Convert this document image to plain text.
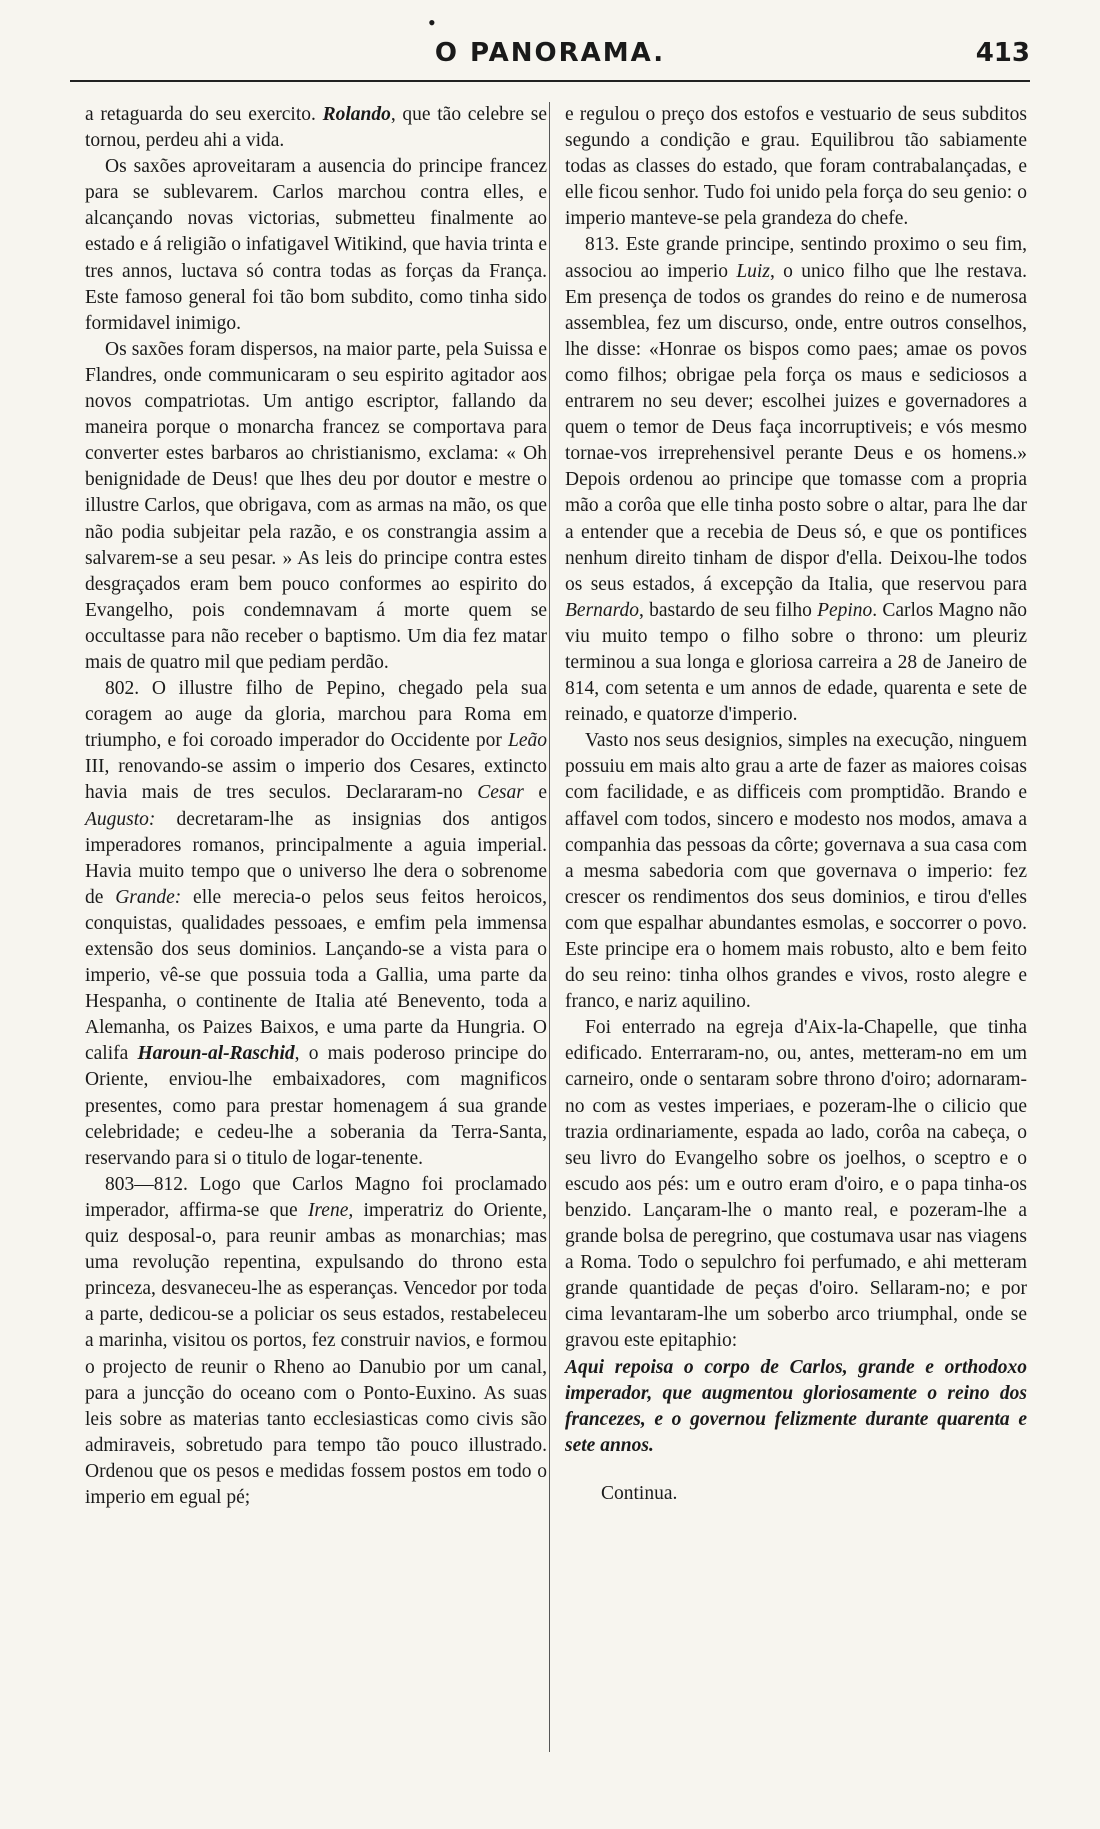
•
O PANORAMA.	413

a retaguarda do seu exercito. Rolando, que tão celebre se tornou, perdeu ahi a vida.

Os saxões aproveitaram a ausencia do principe francez para se sublevarem. Carlos marchou contra elles, e alcançando novas victorias, submetteu finalmente ao estado e á religião o infatigavel Witikind, que havia trinta e tres annos, luctava só contra todas as forças da França. Este famoso general foi tão bom subdito, como tinha sido formidavel inimigo.

Os saxões foram dispersos, na maior parte, pela Suissa e Flandres, onde communicaram o seu espirito agitador aos novos compatriotas. Um antigo escriptor, fallando da maneira porque o monarcha francez se comportava para converter estes barbaros ao christianismo, exclama: « Oh benignidade de Deus! que lhes deu por doutor e mestre o illustre Carlos, que obrigava, com as armas na mão, os que não podia subjeitar pela razão, e os constrangia assim a salvarem-se a seu pesar. » As leis do principe contra estes desgraçados eram bem pouco conformes ao espirito do Evangelho, pois condemnavam á morte quem se occultasse para não receber o baptismo. Um dia fez matar mais de quatro mil que pediam perdão.

802. O illustre filho de Pepino, chegado pela sua coragem ao auge da gloria, marchou para Roma em triumpho, e foi coroado imperador do Occidente por Leão III, renovando-se assim o imperio dos Cesares, extincto havia mais de tres seculos. Declararam-no Cesar e Augusto: decretaram-lhe as insignias dos antigos imperadores romanos, principalmente a aguia imperial. Havia muito tempo que o universo lhe dera o sobrenome de Grande: elle merecia-o pelos seus feitos heroicos, conquistas, qualidades pessoaes, e emfim pela immensa extensão dos seus dominios. Lançando-se a vista para o imperio, vê-se que possuia toda a Gallia, uma parte da Hespanha, o continente de Italia até Benevento, toda a Alemanha, os Paizes Baixos, e uma parte da Hungria. O califa Haroun-al-Raschid, o mais poderoso principe do Oriente, enviou-lhe embaixadores, com magnificos presentes, como para prestar homenagem á sua grande celebridade; e cedeu-lhe a soberania da Terra-Santa, reservando para si o titulo de logar-tenente.

803—812. Logo que Carlos Magno foi proclamado imperador, affirma-se que Irene, imperatriz do Oriente, quiz desposal-o, para reunir ambas as monarchias; mas uma revolução repentina, expulsando do throno esta princeza, desvaneceu-lhe as esperanças. Vencedor por toda a parte, dedicou-se a policiar os seus estados, restabeleceu a marinha, visitou os portos, fez construir navios, e formou o projecto de reunir o Rheno ao Danubio por um canal, para a juncção do oceano com o Ponto-Euxino. As suas leis sobre as materias tanto ecclesiasticas como civis são admiraveis, sobretudo para tempo tão pouco illustrado. Ordenou que os pesos e medidas fossem postos em todo o imperio em egual pé;

e regulou o preço dos estofos e vestuario de seus subditos segundo a condição e grau. Equilibrou tão sabiamente todas as classes do estado, que foram contrabalançadas, e elle ficou senhor. Tudo foi unido pela força do seu genio: o imperio manteve-se pela grandeza do chefe.

813. Este grande principe, sentindo proximo o seu fim, associou ao imperio Luiz, o unico filho que lhe restava. Em presença de todos os grandes do reino e de numerosa assemblea, fez um discurso, onde, entre outros conselhos, lhe disse: «Honrae os bispos como paes; amae os povos como filhos; obrigae pela força os maus e sediciosos a entrarem no seu dever; escolhei juizes e governadores a quem o temor de Deus faça incorruptiveis; e vós mesmo tornae-vos irreprehensivel perante Deus e os homens.» Depois ordenou ao principe que tomasse com a propria mão a corôa que elle tinha posto sobre o altar, para lhe dar a entender que a recebia de Deus só, e que os pontifices nenhum direito tinham de dispor d'ella. Deixou-lhe todos os seus estados, á excepção da Italia, que reservou para Bernardo, bastardo de seu filho Pepino. Carlos Magno não viu muito tempo o filho sobre o throno: um pleuriz terminou a sua longa e gloriosa carreira a 28 de Janeiro de 814, com setenta e um annos de edade, quarenta e sete de reinado, e quatorze d'imperio.

Vasto nos seus designios, simples na execução, ninguem possuiu em mais alto grau a arte de fazer as maiores coisas com facilidade, e as difficeis com promptidão. Brando e affavel com todos, sincero e modesto nos modos, amava a companhia das pessoas da côrte; governava a sua casa com a mesma sabedoria com que governava o imperio: fez crescer os rendimentos dos seus dominios, e tirou d'elles com que espalhar abundantes esmolas, e soccorrer o povo. Este principe era o homem mais robusto, alto e bem feito do seu reino: tinha olhos grandes e vivos, rosto alegre e franco, e nariz aquilino.

Foi enterrado na egreja d'Aix-la-Chapelle, que tinha edificado. Enterraram-no, ou, antes, metteram-no em um carneiro, onde o sentaram sobre throno d'oiro; adornaram-no com as vestes imperiaes, e pozeram-lhe o cilicio que trazia ordinariamente, espada ao lado, corôa na cabeça, o seu livro do Evangelho sobre os joelhos, o sceptro e o escudo aos pés: um e outro eram d'oiro, e o papa tinha-os benzido. Lançaram-lhe o manto real, e pozeram-lhe a grande bolsa de peregrino, que costumava usar nas viagens a Roma. Todo o sepulchro foi perfumado, e ahi metteram grande quantidade de peças d'oiro. Sellaram-no; e por cima levantaram-lhe um soberbo arco triumphal, onde se gravou este epitaphio:

Aqui repoisa o corpo de Carlos, grande e orthodoxo imperador, que augmentou gloriosamente o reino dos francezes, e o governou felizmente durante quarenta e sete annos.

Continua.
